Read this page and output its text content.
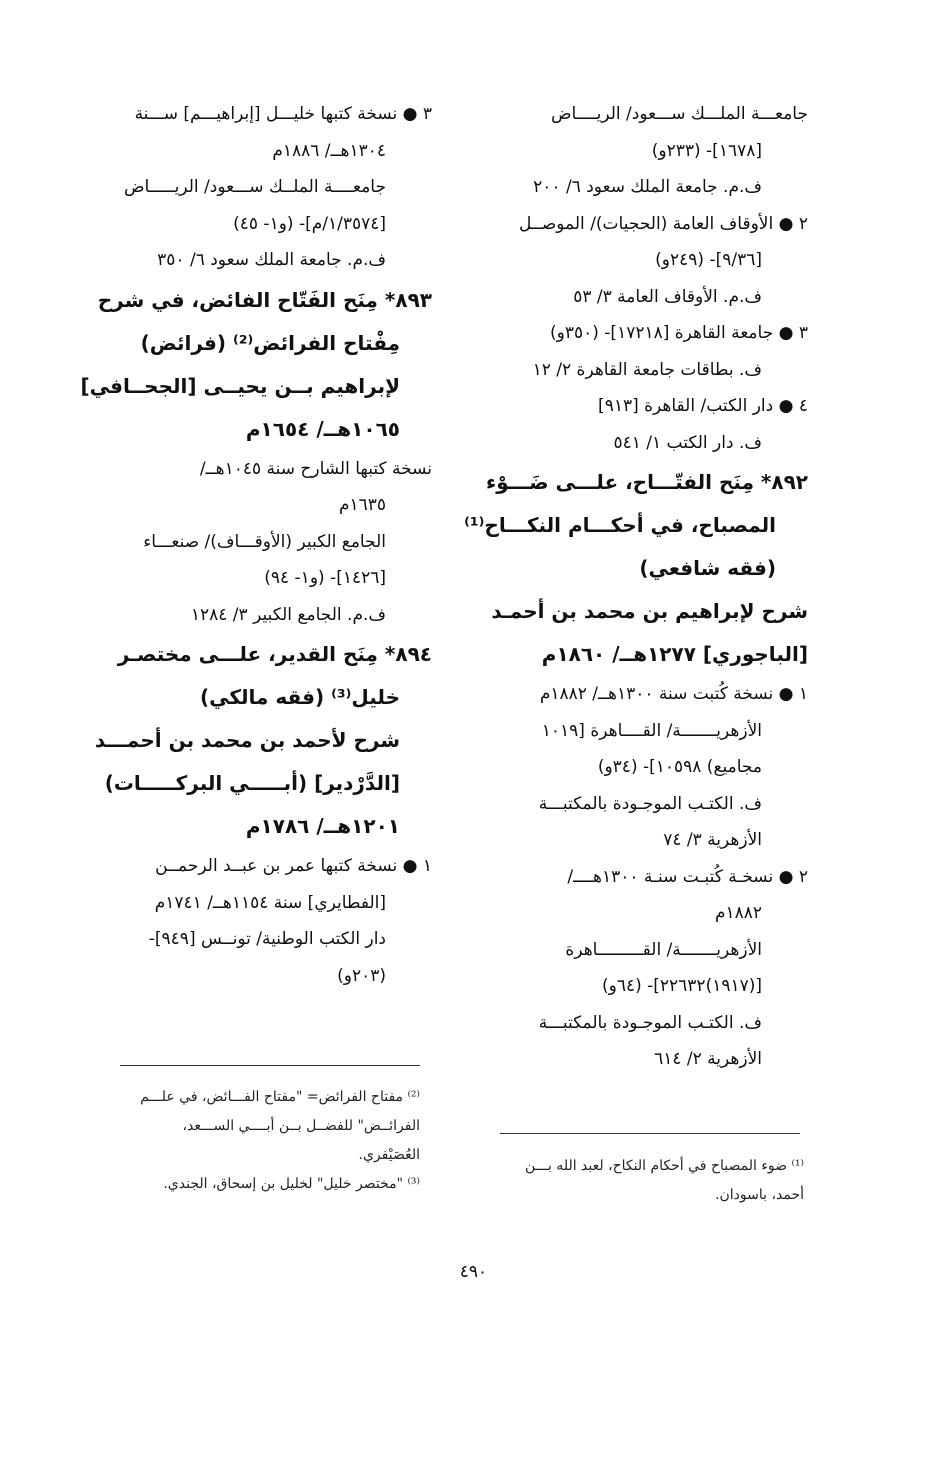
جامعـــة الملـــك ســـعود/ الريــــاض
[١٦٧٨]- (٢٣٣و)
ف.م. جامعة الملك سعود ٦/ ٢٠٠
٢ ● الأوقاف العامة (الحجيات)/ الموصــل
[٩/٣٦]- (٢٤٩و)
ف.م. الأوقاف العامة ٣/ ٥٣
٣ ● جامعة القاهرة [١٧٢١٨]- (٣٥٠و)
ف. بطاقات جامعة القاهرة ٢/ ١٢
٤ ● دار الكتب/ القاهرة [٩١٣]
ف. دار الكتب ١/ ٥٤١
٨٩٢* مِنَح الفتّـــاح، علـــى ضَـــوْء
المصباح، في أحكـــام النكـــاح⁽¹⁾
(فقه شافعي)
شرح لإبراهيم بن محمد بن أحمـد
[الباجوري] ١٢٧٧هــ/ ١٨٦٠م
١ ● نسخة كُتبت سنة ١٣٠٠هــ/ ١٨٨٢م
الأزهريـــــــة/ القــــاهرة [١٠١٩
مجاميع) ١٠٥٩٨]- (٣٤و)
ف. الكتـب الموجـودة بالمكتبـــة
الأزهرية ٣/ ٧٤
٢ ● نسخـة كُتبـت سنـة ١٣٠٠هــــ/
١٨٨٢م
الأزهريـــــــة/ القـــــــــاهرة
[(١٩١٧)٢٢٦٣٢]- (٦٤و)
ف. الكتـب الموجـودة بالمكتبـــة
الأزهرية ٢/ ٦١٤
٣ ● نسخة كتبها خليـــل [إبراهيـــم] ســـنة
١٣٠٤هــ/ ١٨٨٦م
جامعــــة الملــك ســـعود/ الريـــــاض
[١/٣٥٧٤/م]- (و١- ٤٥)
ف.م. جامعة الملك سعود ٦/ ٣٥٠
٨٩٣* مِنَح الفَتّاح الفائض، في شرح
مِفْتاح الفرائض⁽²⁾ (فرائض)
لإبراهيم بــن يحيــى [الجحــافي]
١٠٦٥هــ/ ١٦٥٤م
نسخة كتبها الشارح سنة ١٠٤٥هــ/
١٦٣٥م
الجامع الكبير (الأوقـــاف)/ صنعـــاء
[١٤٢٦]- (و١- ٩٤)
ف.م. الجامع الكبير ٣/ ١٢٨٤
٨٩٤* مِنَح القدير، علـــى مختصـر
خليل⁽³⁾ (فقه مالكي)
شرح لأحمد بن محمد بن أحمـــد
[الدَّرْدير] (أبـــــي البركـــــات)
١٢٠١هــ/ ١٧٨٦م
١ ● نسخة كتبها عمر بن عبــد الرحمــن
[الفطايري] سنة ١١٥٤هــ/ ١٧٤١م
دار الكتب الوطنية/ تونــس [٩٤٩]-
(٢٠٣و)
⁽²⁾ مفتاح الفرائض= "مفتاح الفـــائض، في علـــم
الفرائــض" للفضــل بــن أبــــي الســـعد،
العُصَيْفري.
⁽³⁾ "مختصر خليل" لخليل بن إسحاق، الجندي.
⁽¹⁾ ضوء المصباح في أحكام النكاح، لعبد الله بـــن
أحمد، باسودان.
٤٩٠
